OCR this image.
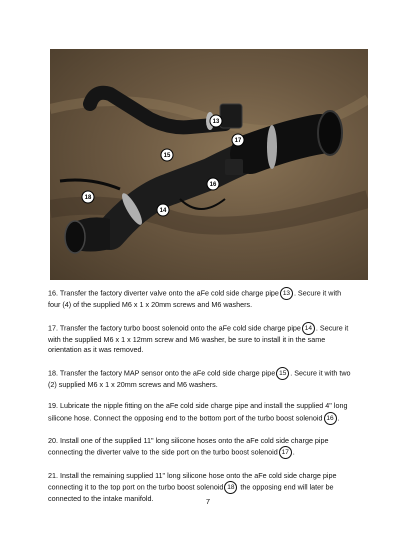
13
17
15
16
18
14
16. Transfer the factory diverter valve onto the aFe cold side charge pipe 13 . Secure it with
four (4) of the supplied M6 x 1 x 20mm screws and M6 washers.
17. Transfer the factory turbo boost solenoid onto the aFe cold side charge pipe 14 . Secure it
with the supplied M6 x 1 x 12mm screw and M6 washer, be sure to install it in the same
orientation as it was removed.
18. Transfer the factory MAP sensor onto the aFe cold side charge pipe 15 . Secure it with two
(2) supplied M6 x 1 x 20mm screws and M6 washers.
19. Lubricate the nipple fitting on the aFe cold side charge pipe and install the supplied 4" long
silicone hose. Connect the opposing end to the bottom port of the turbo boost solenoid 16 .
20. Install one of the supplied 11" long silicone hoses onto the aFe cold side charge pipe
connecting the diverter valve to the side port on the turbo boost solenoid 17 .
21. Install the remaining supplied 11" long silicone hose onto the aFe cold side charge pipe
connecting it to the top port on the turbo boost solenoid 18 the opposing end will later be
connected to the intake manifold.	7
